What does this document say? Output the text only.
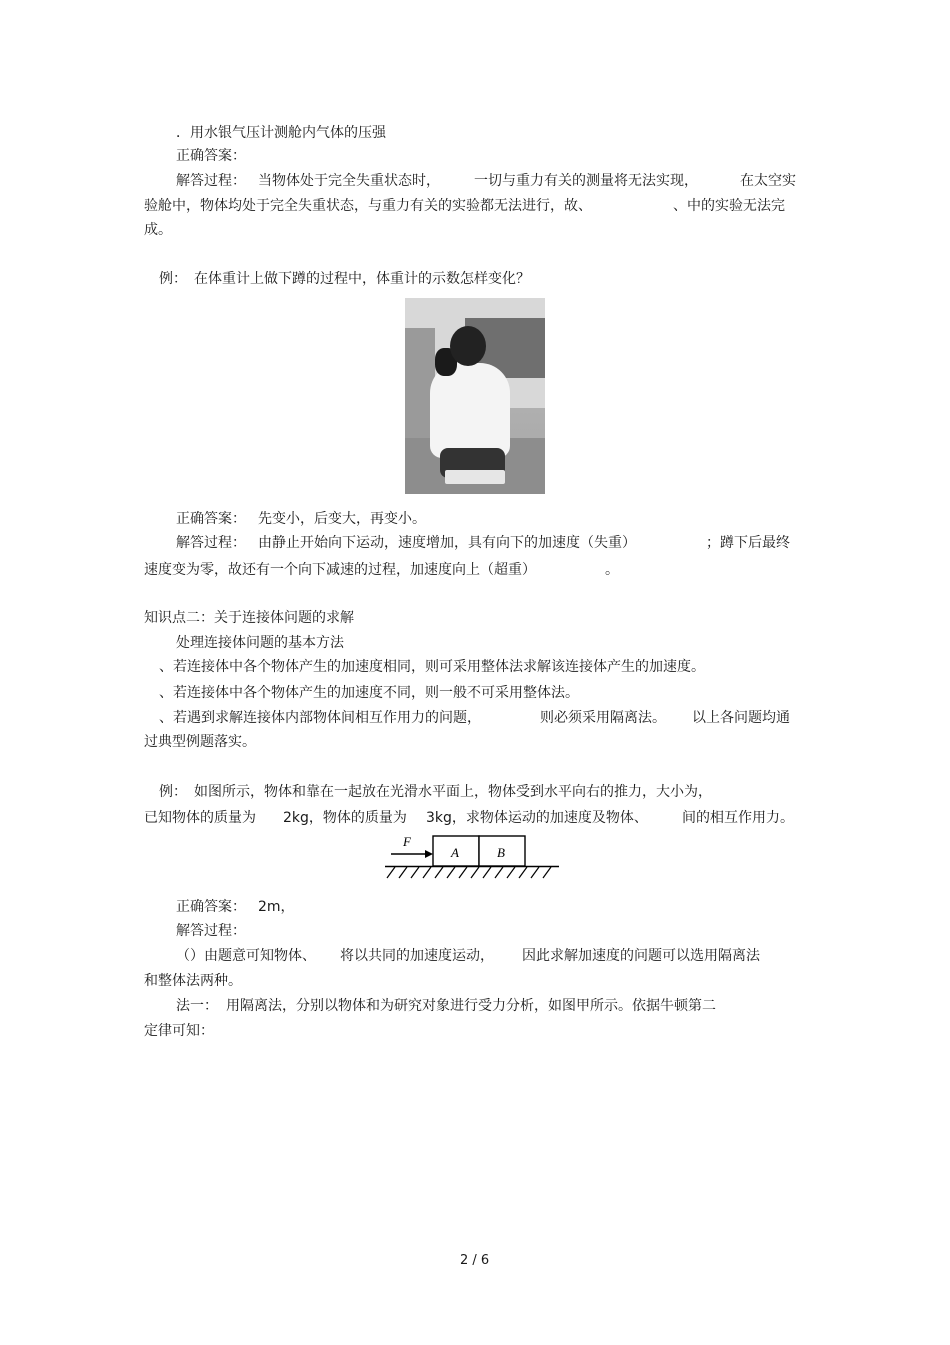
．用水银气压计测舱内气体的压强
正确答案：
解答过程： 当物体处于完全失重状态时， 一切与重力有关的测量将无法实现，	在太空实
验舱中，物体均处于完全失重状态，与重力有关的实验都无法进行，故、	、中的实验无法完
成。
例： 在体重计上做下蹲的过程中，体重计的示数怎样变化？
正确答案： 先变小，后变大，再变小。
解答过程： 由静止开始向下运动，速度增加，具有向下的加速度（失重）	；蹲下后最终
速度变为零，故还有一个向下减速的过程，加速度向上（超重）	。
知识点二：关于连接体问题的求解
处理连接体问题的基本方法
、若连接体中各个物体产生的加速度相同，则可采用整体法求解该连接体产生的加速度。
、若连接体中各个物体产生的加速度不同，则一般不可采用整体法。
、若遇到求解连接体内部物体间相互作用力的问题，	则必须采用隔离法。 以上各问题均通
过典型例题落实。
例： 如图所示，物体和靠在一起放在光滑水平面上，物体受到水平向右的推力，大小为，
已知物体的质量为 2kg，物体的质量为 3kg，求物体运动的加速度及物体、 间的相互作用力。
F
A	B
正确答案： 2m，
解答过程：
（）由题意可知物体、 将以共同的加速度运动， 因此求解加速度的问题可以选用隔离法
和整体法两种。
法一： 用隔离法，分别以物体和为研究对象进行受力分析，如图甲所示。依据牛顿第二
定律可知：
2 / 6
